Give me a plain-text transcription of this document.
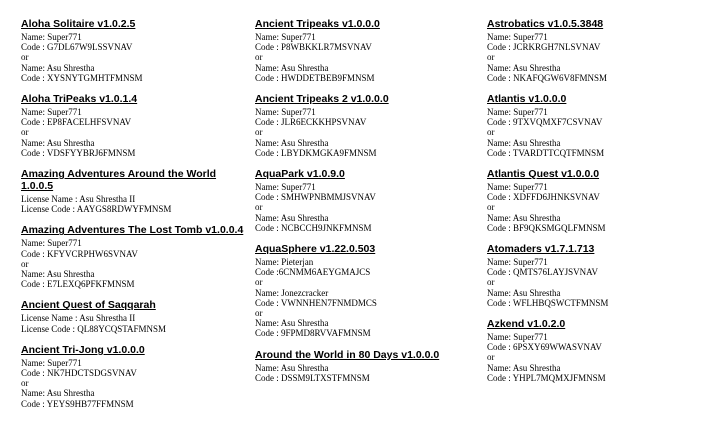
Aloha Solitaire v1.0.2.5
Name: Super771
Code : G7DL67W9LSSVNAV
or
Name: Asu Shrestha
Code : XYSNYTGMHTFMNSM
Aloha TriPeaks v1.0.1.4
Name: Super771
Code : EP8FACELHFSVNAV
or
Name: Asu Shrestha
Code : VDSFYYBRJ6FMNSM
Amazing Adventures Around the World 1.0.0.5
License Name : Asu Shrestha II
License Code : AAYGS8RDWYFMNSM
Amazing Adventures The Lost Tomb v1.0.0.4
Name: Super771
Code : KFYVCRPHW6SVNAV
or
Name: Asu Shrestha
Code : E7LEXQ6PFKFMNSM
Ancient Quest of Saqqarah
License Name : Asu Shrestha II
License Code : QL88YCQSTAFMNSM
Ancient Tri-Jong v1.0.0.0
Name: Super771
Code : NK7HDCTSDGSVNAV
or
Name: Asu Shrestha
Code : YEYS9HB77FFMNSM
Ancient Tripeaks v1.0.0.0
Name: Super771
Code : P8WBKKLR7MSVNAV
or
Name: Asu Shrestha
Code : HWDDETBEB9FMNSM
Ancient Tripeaks 2 v1.0.0.0
Name: Super771
Code : JLR6ECKKHPSVNAV
or
Name: Asu Shrestha
Code : LBYDKMGKA9FMNSM
AquaPark v1.0.9.0
Name: Super771
Code : SMHWPNBMMJSVNAV
or
Name: Asu Shrestha
Code : NCBCCH9JNKFMNSM
AquaSphere v1.22.0.503
Name: Pieterjan
Code :6CNMM6AEYGMAJCS
or
Name: Jonezcracker
Code : VWNNHEN7FNMDMCS
or
Name: Asu Shrestha
Code : 9FPMD8RVVAFMNSM
Around the World in 80 Days v1.0.0.0
Name: Asu Shrestha
Code : DSSM9LTXSTFMNSM
Astrobatics v1.0.5.3848
Name: Super771
Code : JCRKRGH7NLSVNAV
or
Name: Asu Shrestha
Code : NKAFQGW6V8FMNSM
Atlantis v1.0.0.0
Name: Super771
Code : 9TXVQMXF7CSVNAV
or
Name: Asu Shrestha
Code : TVARDTTCQTFMNSM
Atlantis Quest v1.0.0.0
Name: Super771
Code : XDFFD6JHNKSVNAV
or
Name: Asu Shrestha
Code : BF9QKSMGQLFMNSM
Atomaders v1.7.1.713
Name: Super771
Code : QMTS76LAYJSVNAV
or
Name: Asu Shrestha
Code : WFLHBQSWCTFMNSM
Azkend v1.0.2.0
Name: Super771
Code : 6PSXY69WWASVNAV
or
Name: Asu Shrestha
Code : YHPL7MQMXJFMNSM
